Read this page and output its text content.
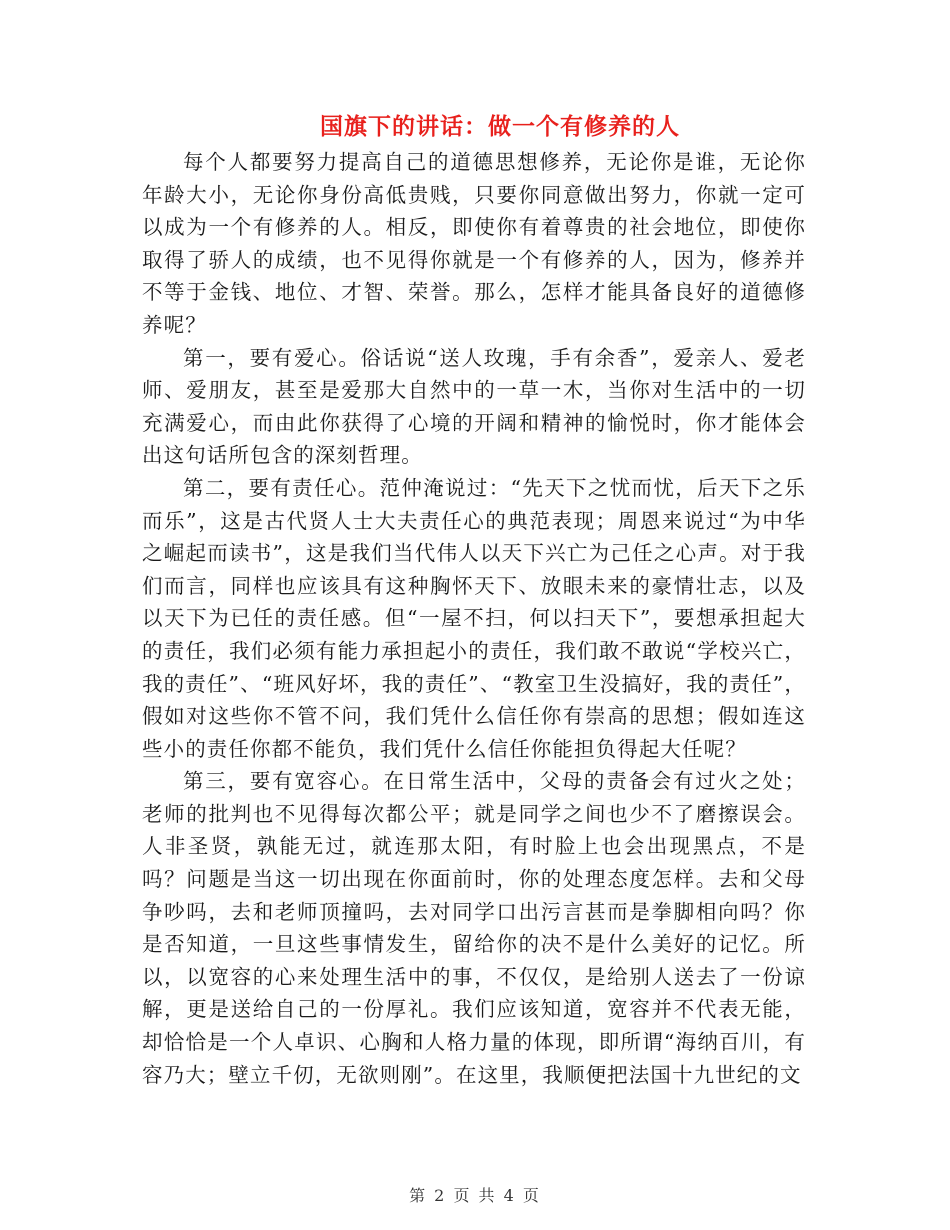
国旗下的讲话：做一个有修养的人

每个人都要努力提高自己的道德思想修养，无论你是谁，无论你年龄大小，无论你身份高低贵贱，只要你同意做出努力，你就一定可以成为一个有修养的人。相反，即使你有着尊贵的社会地位，即使你取得了骄人的成绩，也不见得你就是一个有修养的人，因为，修养并不等于金钱、地位、才智、荣誉。那么，怎样才能具备良好的道德修养呢？

第一，要有爱心。俗话说“送人玫瑰，手有余香”，爱亲人、爱老师、爱朋友，甚至是爱那大自然中的一草一木，当你对生活中的一切充满爱心，而由此你获得了心境的开阔和精神的愉悦时，你才能体会出这句话所包含的深刻哲理。

第二，要有责任心。范仲淹说过：“先天下之忧而忧，后天下之乐而乐”，这是古代贤人士大夫责任心的典范表现；周恩来说过“为中华之崛起而读书”，这是我们当代伟人以天下兴亡为己任之心声。对于我们而言，同样也应该具有这种胸怀天下、放眼未来的豪情壮志，以及以天下为已任的责任感。但“一屋不扫，何以扫天下”，要想承担起大的责任，我们必须有能力承担起小的责任，我们敢不敢说“学校兴亡，我的责任”、“班风好坏，我的责任”、“教室卫生没搞好，我的责任”，假如对这些你不管不问，我们凭什么信任你有崇高的思想；假如连这些小的责任你都不能负，我们凭什么信任你能担负得起大任呢？

第三，要有宽容心。在日常生活中，父母的责备会有过火之处；老师的批判也不见得每次都公平；就是同学之间也少不了磨擦误会。人非圣贤，孰能无过，就连那太阳，有时脸上也会出现黑点，不是吗？问题是当这一切出现在你面前时，你的处理态度怎样。去和父母争吵吗，去和老师顶撞吗，去对同学口出污言甚而是拳脚相向吗？你是否知道，一旦这些事情发生，留给你的决不是什么美好的记忆。所以，以宽容的心来处理生活中的事，不仅仅，是给别人送去了一份谅解，更是送给自己的一份厚礼。我们应该知道，宽容并不代表无能，却恰恰是一个人卓识、心胸和人格力量的体现，即所谓“海纳百川，有容乃大；壁立千仞，无欲则刚”。在这里，我顺便把法国十九世纪的文

第 2 页 共 4 页
